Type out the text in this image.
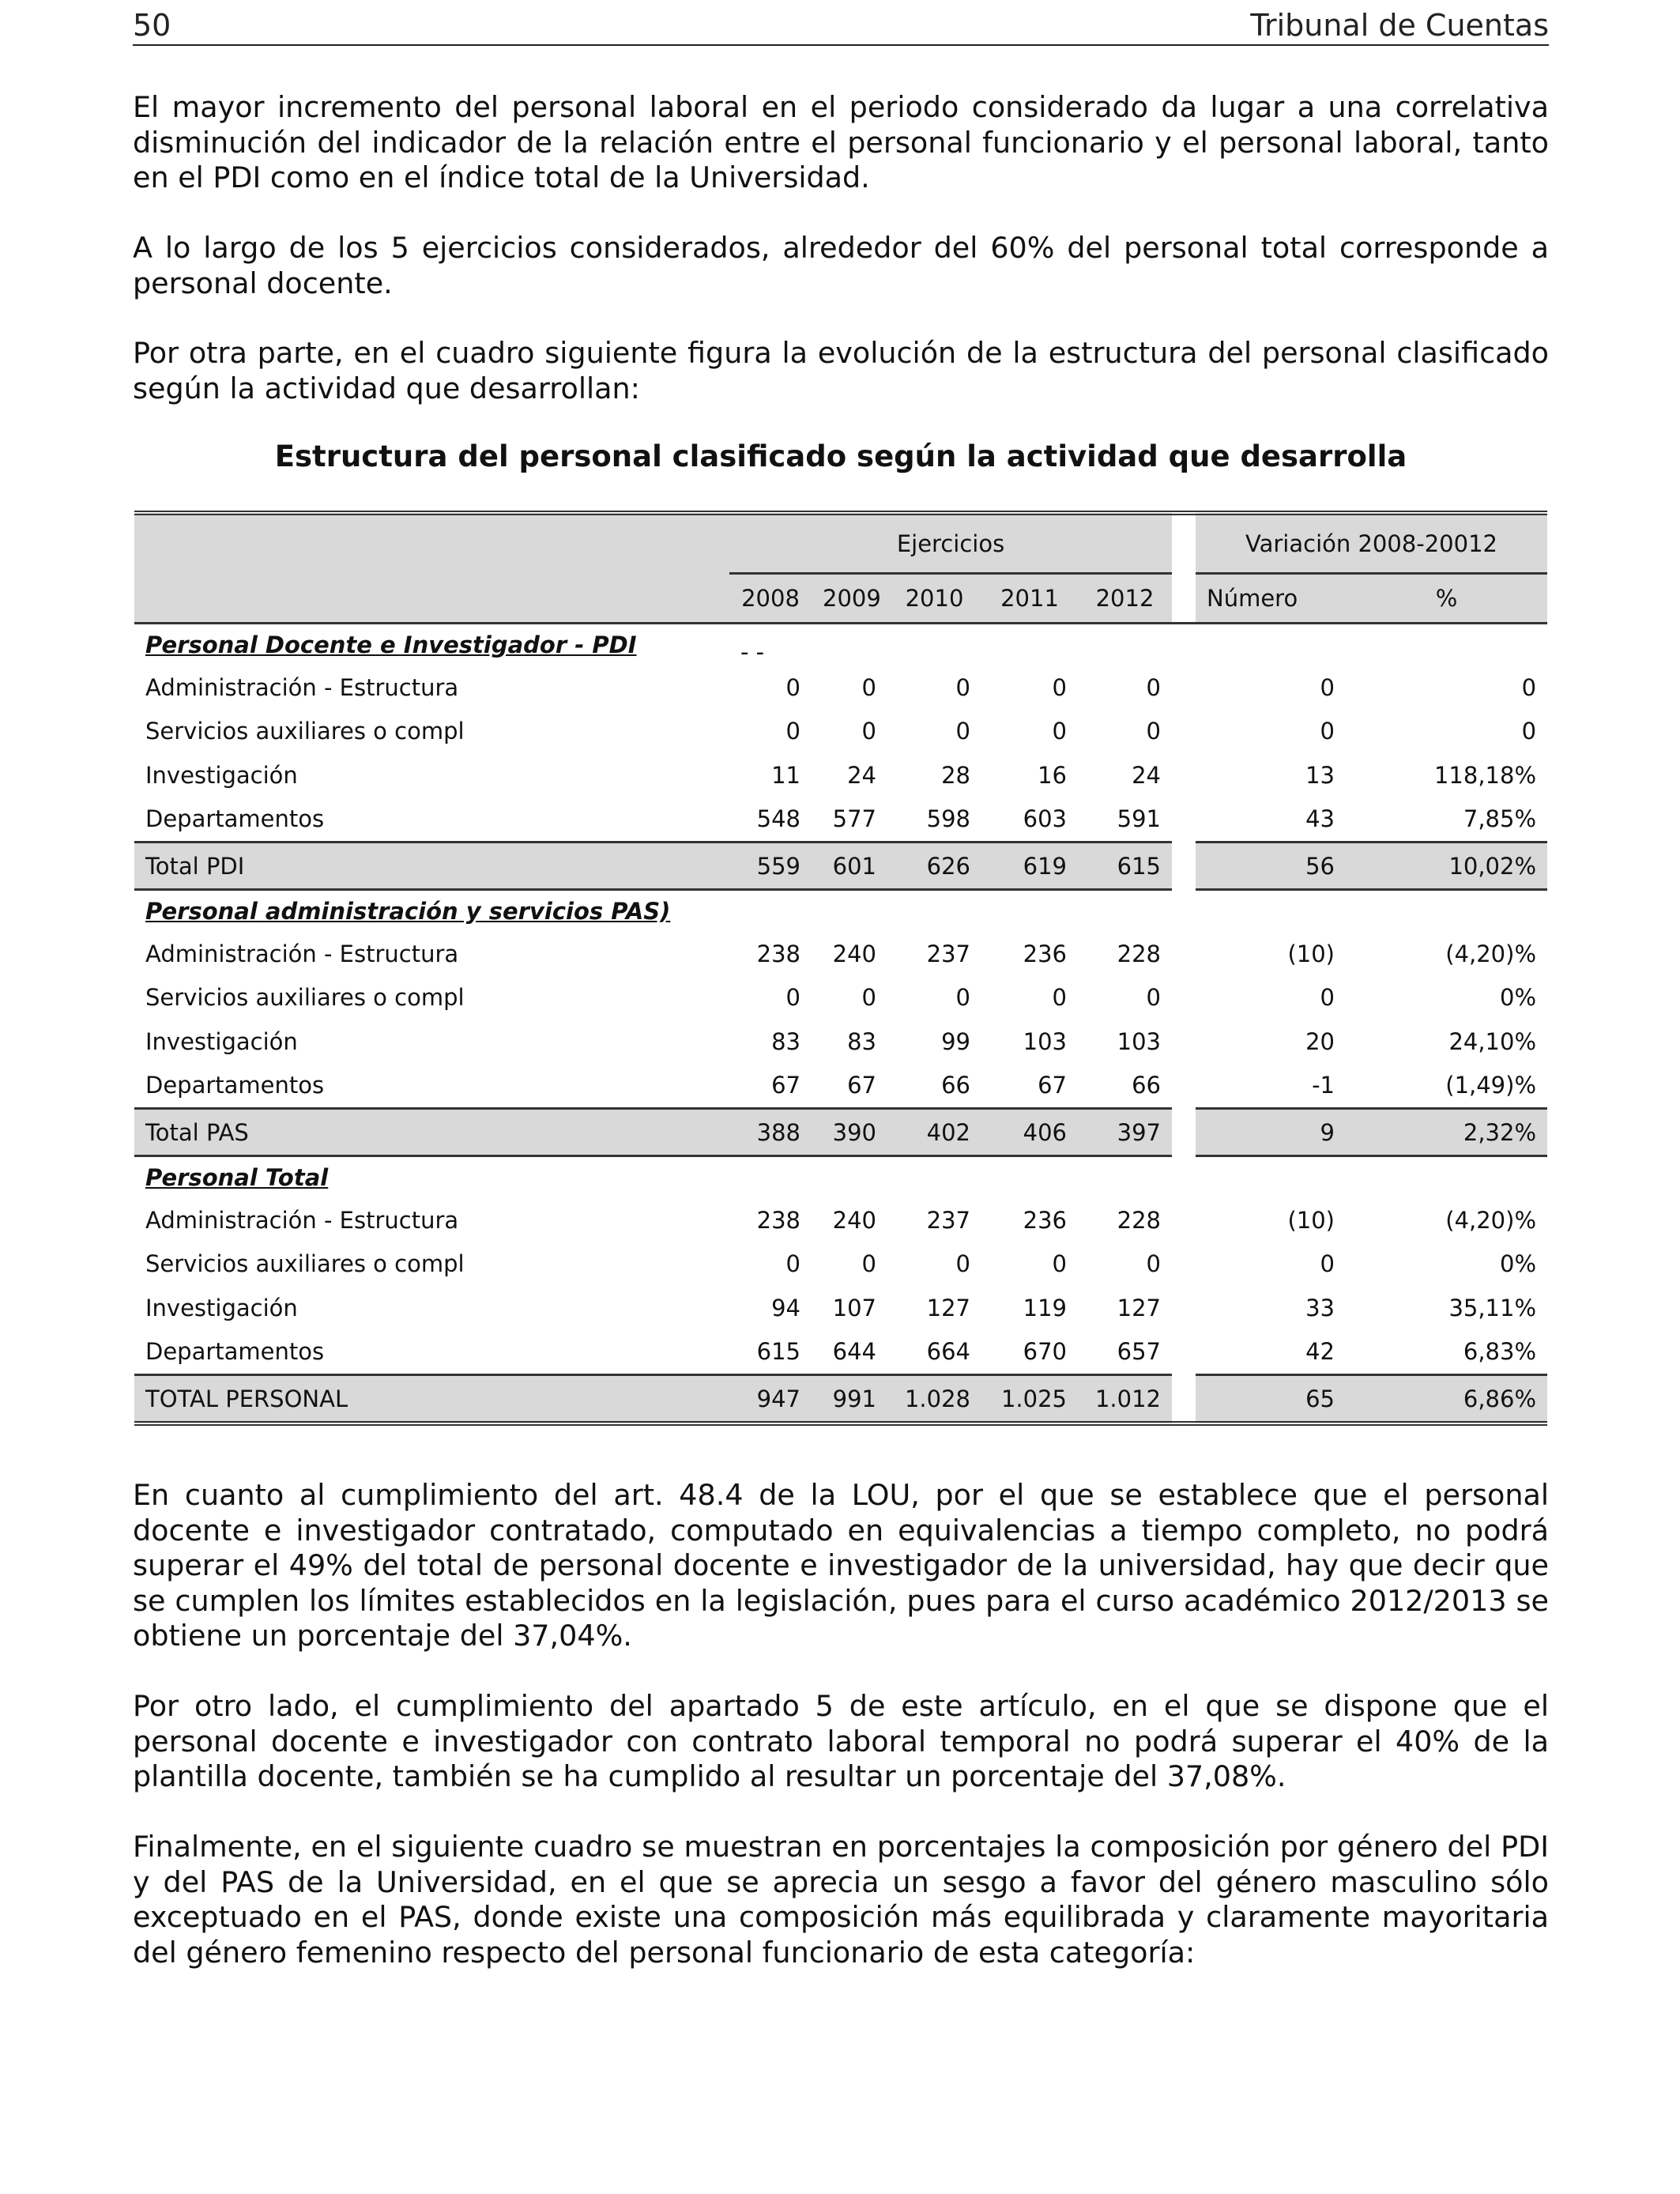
50	Tribunal de Cuentas

El mayor incremento del personal laboral en el periodo considerado da lugar a una correlativa disminución del indicador de la relación entre el personal funcionario y el personal laboral, tanto en el PDI como en el índice total de la Universidad.

A lo largo de los 5 ejercicios considerados, alrededor del 60% del personal total corresponde a personal docente.

Por otra parte, en el cuadro siguiente figura la evolución de la estructura del personal clasificado según la actividad que desarrollan:

Estructura del personal clasificado según la actividad que desarrolla
	Ejercicios						Variación 2008-20012	
	2008	2009	2010	2011	2012		Número	%
Personal Docente e Investigador - PDI	- -							
Administración - Estructura	0	0	0	0	0		0	0
Servicios auxiliares o compl	0	0	0	0	0		0	0
Investigación	11	24	28	16	24		13	118,18%
Departamentos	548	577	598	603	591		43	7,85%
Total PDI	559	601	626	619	615		56	10,02%
Personal administración y servicios PAS)								
Administración - Estructura	238	240	237	236	228		(10)	(4,20)%
Servicios auxiliares o compl	0	0	0	0	0		0	0%
Investigación	83	83	99	103	103		20	24,10%
Departamentos	67	67	66	67	66		-1	(1,49)%
Total PAS	388	390	402	406	397		9	2,32%
Personal Total								
Administración - Estructura	238	240	237	236	228		(10)	(4,20)%
Servicios auxiliares o compl	0	0	0	0	0		0	0%
Investigación	94	107	127	119	127		33	35,11%
Departamentos	615	644	664	670	657		42	6,83%
TOTAL PERSONAL	947	991	1.028	1.025	1.012		65	6,86%

En cuanto al cumplimiento del art. 48.4 de la LOU, por el que se establece que el personal docente e investigador contratado, computado en equivalencias a tiempo completo, no podrá superar el 49% del total de personal docente e investigador de la universidad, hay que decir que se cumplen los límites establecidos en la legislación, pues para el curso académico 2012/2013 se obtiene un porcentaje del 37,04%.

Por otro lado, el cumplimiento del apartado 5 de este artículo, en el que se dispone que el personal docente e investigador con contrato laboral temporal no podrá superar el 40% de la plantilla docente, también se ha cumplido al resultar un porcentaje del 37,08%.

Finalmente, en el siguiente cuadro se muestran en porcentajes la composición por género del PDI y del PAS de la Universidad, en el que se aprecia un sesgo a favor del género masculino sólo exceptuado en el PAS, donde existe una composición más equilibrada y claramente mayoritaria del género femenino respecto del personal funcionario de esta categoría:
